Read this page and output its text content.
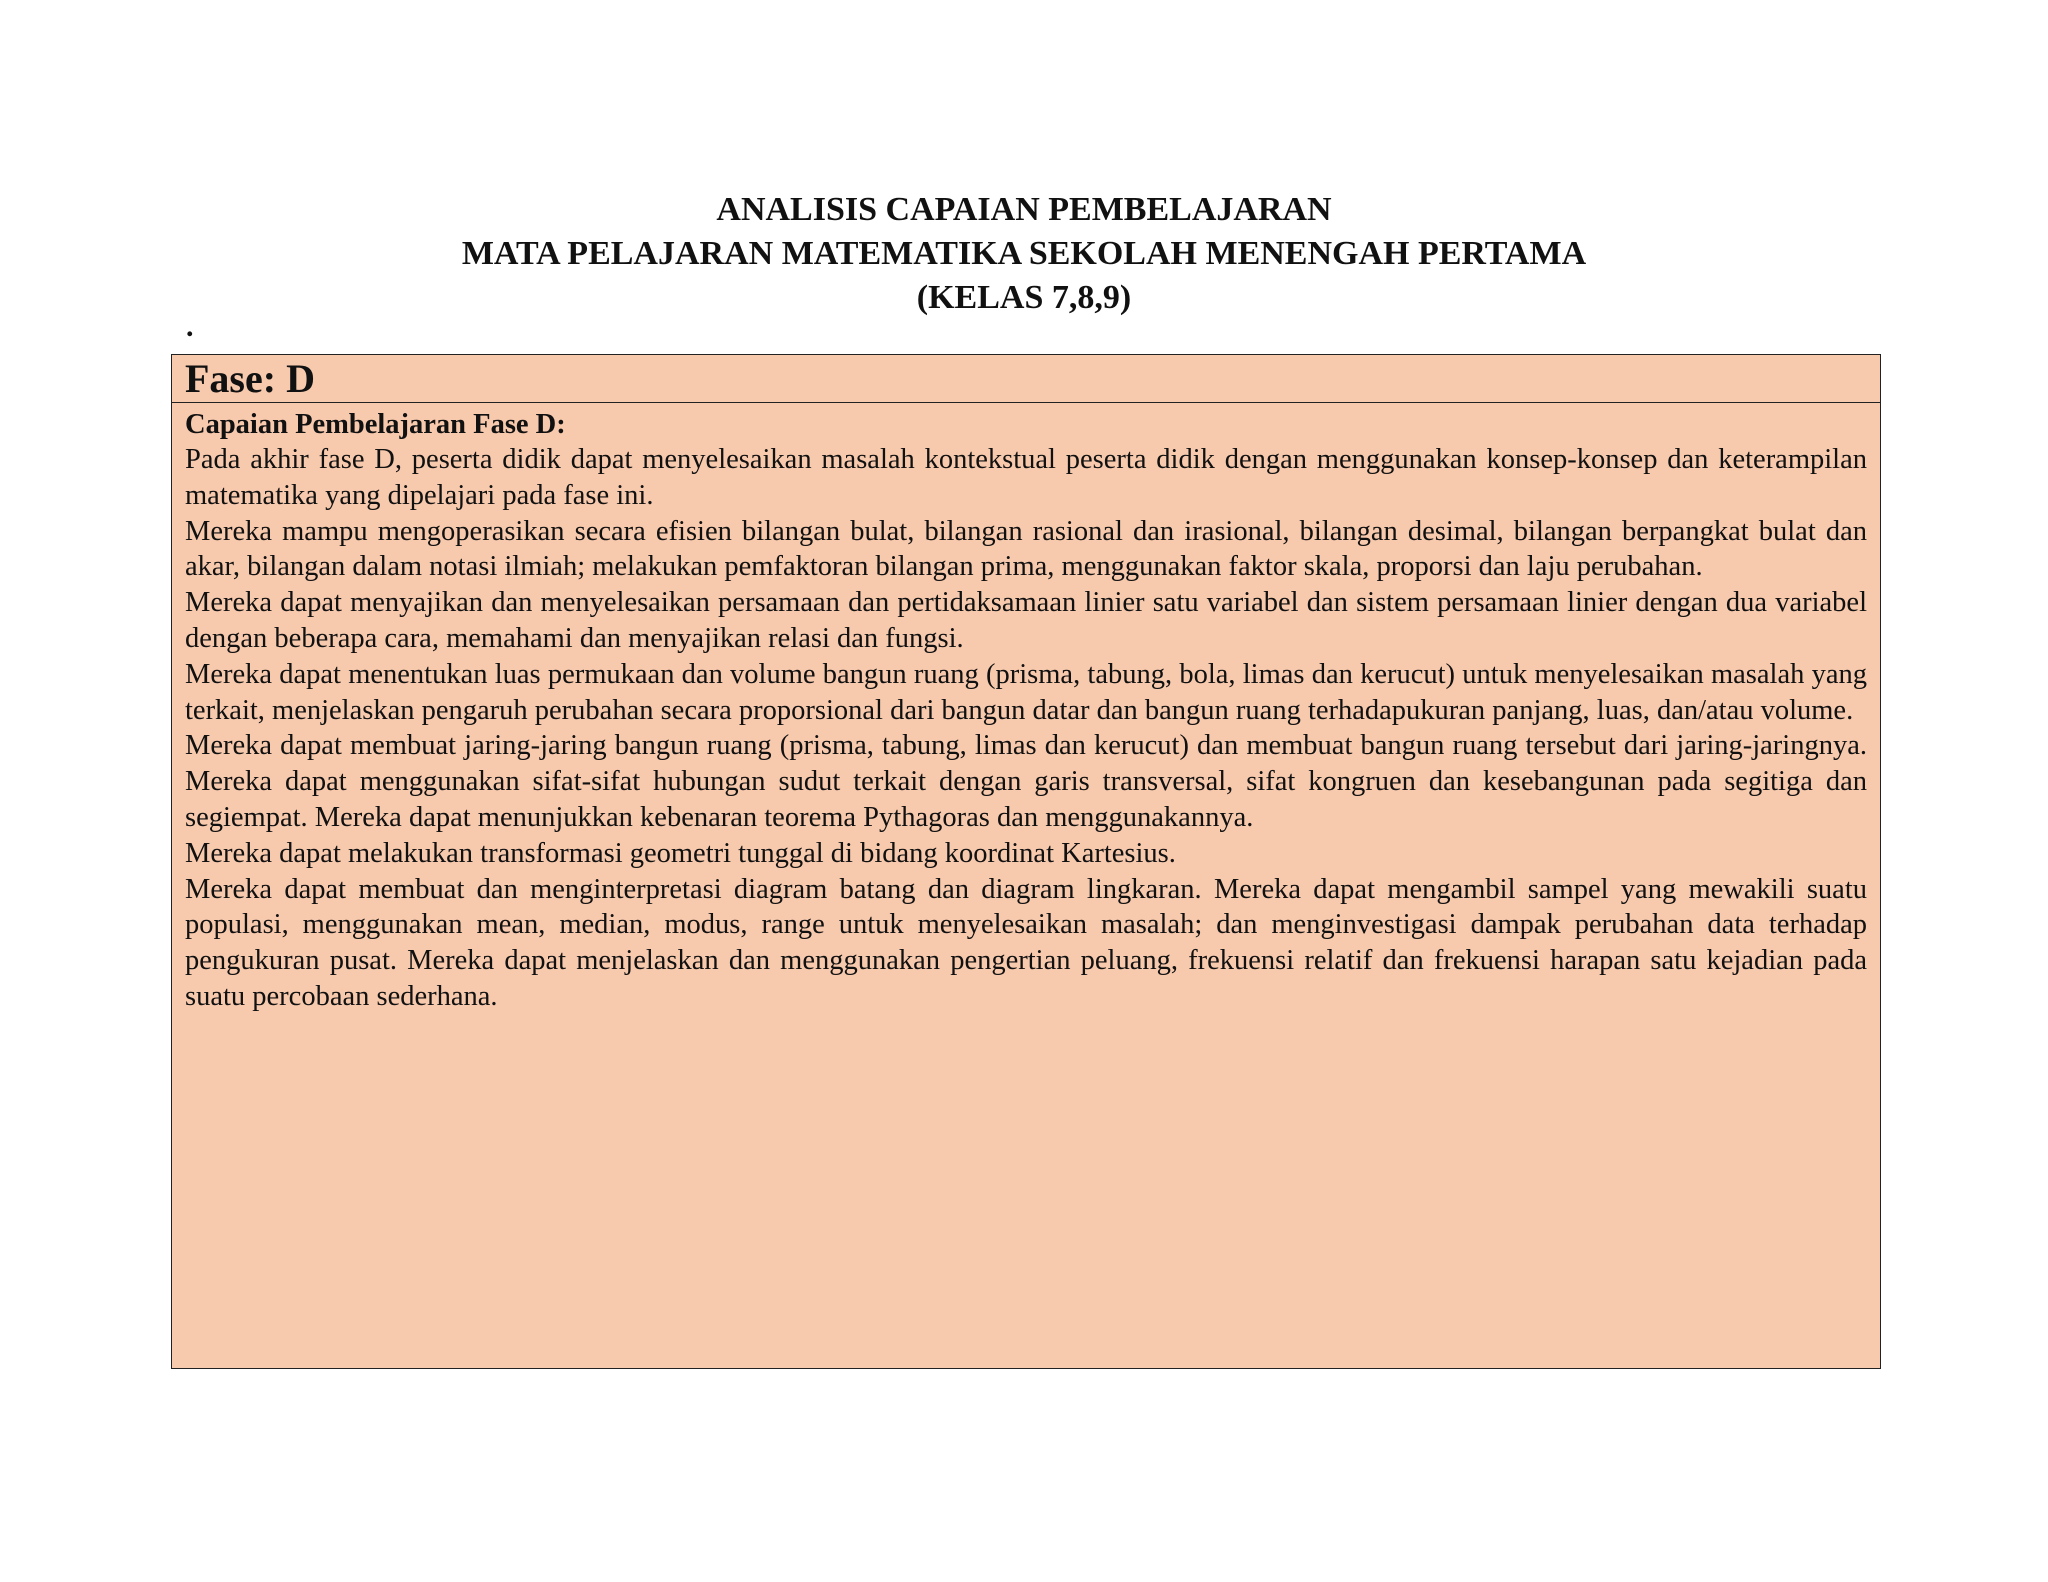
ANALISIS CAPAIAN PEMBELAJARAN
MATA PELAJARAN MATEMATIKA SEKOLAH MENENGAH PERTAMA
(KELAS 7,8,9)
.
Fase: D

Capaian Pembelajaran Fase D:

Pada akhir fase D, peserta didik dapat menyelesaikan masalah kontekstual peserta didik dengan menggunakan konsep-konsep dan keterampilan matematika yang dipelajari pada fase ini.

Mereka mampu mengoperasikan secara efisien bilangan bulat, bilangan rasional dan irasional, bilangan desimal, bilangan berpangkat bulat dan akar, bilangan dalam notasi ilmiah; melakukan pemfaktoran bilangan prima, menggunakan faktor skala, proporsi dan laju perubahan.

Mereka dapat menyajikan dan menyelesaikan persamaan dan pertidaksamaan linier satu variabel dan sistem persamaan linier dengan dua variabel dengan beberapa cara, memahami dan menyajikan relasi dan fungsi.

Mereka dapat menentukan luas permukaan dan volume bangun ruang (prisma, tabung, bola, limas dan kerucut) untuk menyelesaikan masalah yang terkait, menjelaskan pengaruh perubahan secara proporsional dari bangun datar dan bangun ruang terhadapukuran panjang, luas, dan/atau volume.

Mereka dapat membuat jaring-jaring bangun ruang (prisma, tabung, limas dan kerucut) dan membuat bangun ruang tersebut dari jaring-jaringnya. Mereka dapat menggunakan sifat-sifat hubungan sudut terkait dengan garis transversal, sifat kongruen dan kesebangunan pada segitiga dan segiempat. Mereka dapat menunjukkan kebenaran teorema Pythagoras dan menggunakannya.

Mereka dapat melakukan transformasi geometri tunggal di bidang koordinat Kartesius.

Mereka dapat membuat dan menginterpretasi diagram batang dan diagram lingkaran. Mereka dapat mengambil sampel yang mewakili suatu populasi, menggunakan mean, median, modus, range untuk menyelesaikan masalah; dan menginvestigasi dampak perubahan data terhadap pengukuran pusat. Mereka dapat menjelaskan dan menggunakan pengertian peluang, frekuensi relatif dan frekuensi harapan satu kejadian pada suatu percobaan sederhana.
